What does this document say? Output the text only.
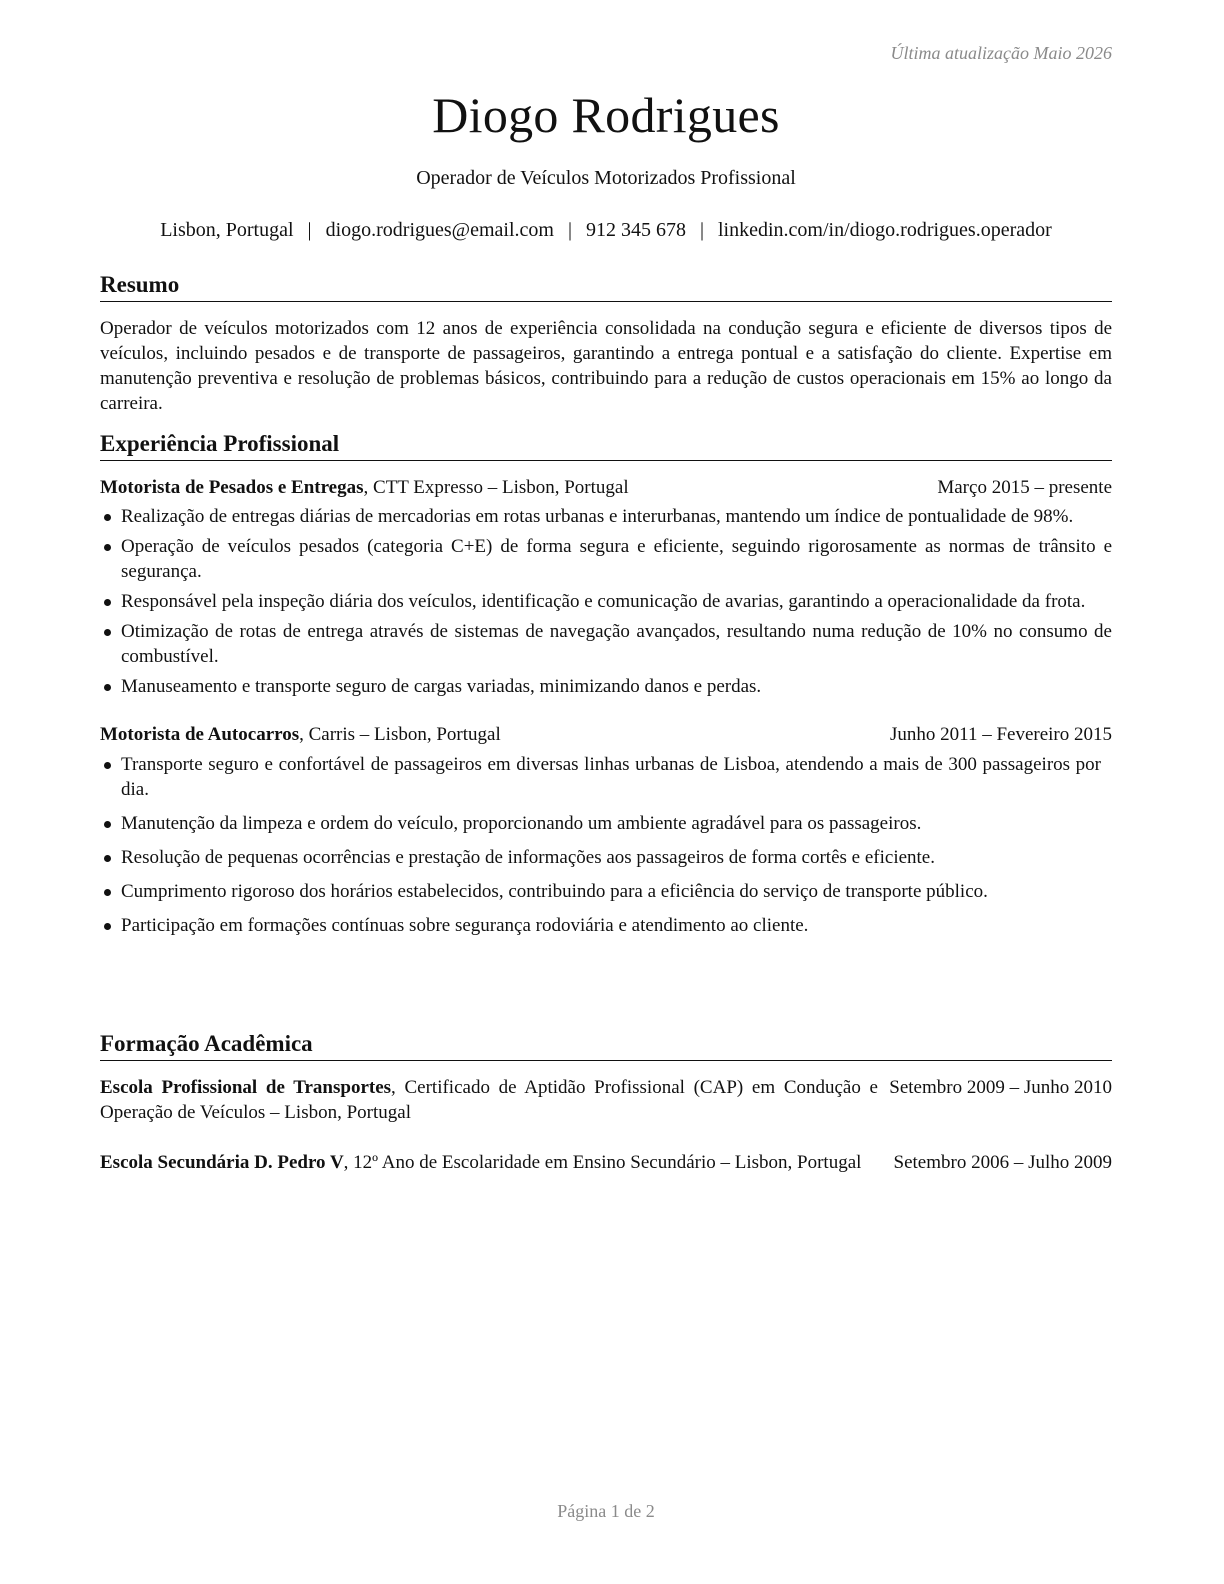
Última atualização Maio 2026
Diogo Rodrigues
Operador de Veículos Motorizados Profissional
Lisbon, Portugal | diogo.rodrigues@email.com | 912 345 678 | linkedin.com/in/diogo.rodrigues.operador
Resumo
Operador de veículos motorizados com 12 anos de experiência consolidada na condução segura e eficiente de diversos tipos de veículos, incluindo pesados e de transporte de passageiros, garantindo a entrega pontual e a satisfação do cliente. Expertise em manutenção preventiva e resolução de problemas básicos, contribuindo para a redução de custos operacionais em 15% ao longo da carreira.
Experiência Profissional
Motorista de Pesados e Entregas, CTT Expresso – Lisbon, Portugal	Março 2015 – presente
Realização de entregas diárias de mercadorias em rotas urbanas e interurbanas, mantendo um índice de pontualidade de 98%.
Operação de veículos pesados (categoria C+E) de forma segura e eficiente, seguindo rigorosamente as normas de trânsito e segurança.
Responsável pela inspeção diária dos veículos, identificação e comunicação de avarias, garantindo a operacionalidade da frota.
Otimização de rotas de entrega através de sistemas de navegação avançados, resultando numa redução de 10% no consumo de combustível.
Manuseamento e transporte seguro de cargas variadas, minimizando danos e perdas.
Motorista de Autocarros, Carris – Lisbon, Portugal	Junho 2011 – Fevereiro 2015
Transporte seguro e confortável de passageiros em diversas linhas urbanas de Lisboa, atendendo a mais de 300 passageiros por dia.
Manutenção da limpeza e ordem do veículo, proporcionando um ambiente agradável para os passageiros.
Resolução de pequenas ocorrências e prestação de informações aos passageiros de forma cortês e eficiente.
Cumprimento rigoroso dos horários estabelecidos, contribuindo para a eficiência do serviço de transporte público.
Participação em formações contínuas sobre segurança rodoviária e atendimento ao cliente.
Formação Acadêmica
Escola Profissional de Transportes, Certificado de Aptidão Profissional (CAP) em Condução e Operação de Veículos – Lisbon, Portugal
Setembro 2009 – Junho 2010
Escola Secundária D. Pedro V, 12º Ano de Escolaridade em Ensino Secundário – Lisbon, Portugal	Setembro 2006 – Julho 2009
Página 1 de 2
